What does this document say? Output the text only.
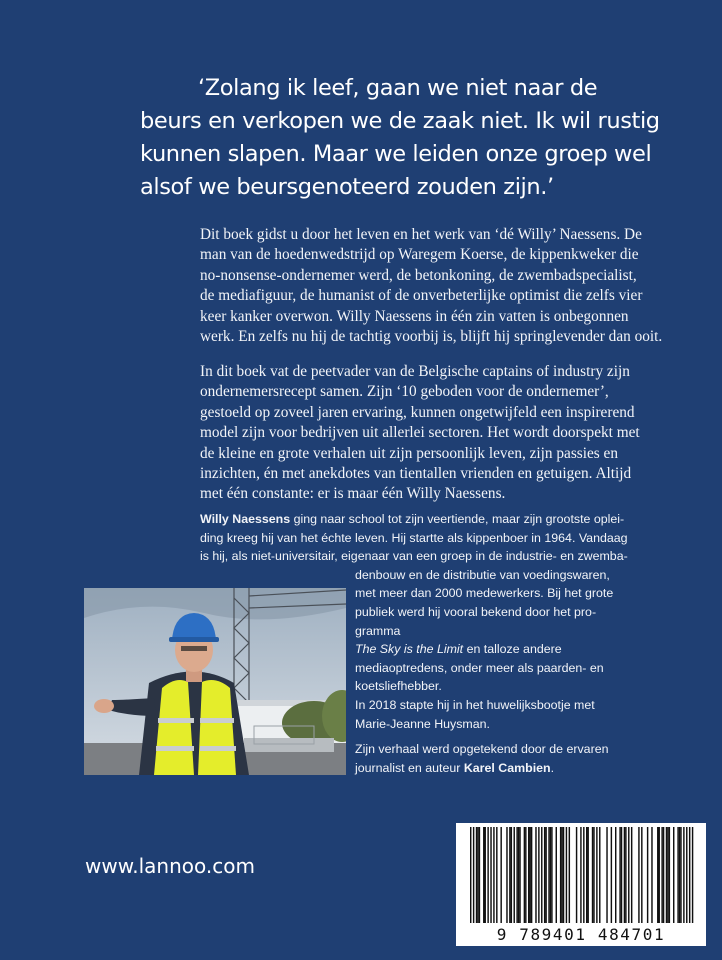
‘Zolang ik leef, gaan we niet naar de

beurs en verkopen we de zaak niet. Ik wil rustig

kunnen slapen. Maar we leiden onze groep wel

alsof we beursgenoteerd zouden zijn.’

Dit boek gidst u door het leven en het werk van ‘dé Willy’ Naessens. De

man van de hoedenwedstrijd op Waregem Koerse, de kippenkweker die

no-nonsense-ondernemer werd, de betonkoning, de zwembadspecialist,

de mediafiguur, de humanist of de onverbeterlijke optimist die zelfs vier

keer kanker overwon. Willy Naessens in één zin vatten is onbegonnen

werk. En zelfs nu hij de tachtig voorbij is, blijft hij springlevender dan ooit.

In dit boek vat de peetvader van de Belgische captains of industry zijn

ondernemersrecept samen. Zijn ‘10 geboden voor de ondernemer’,

gestoeld op zoveel jaren ervaring, kunnen ongetwijfeld een inspirerend

model zijn voor bedrijven uit allerlei sectoren. Het wordt doorspekt met

de kleine en grote verhalen uit zijn persoonlijk leven, zijn passies en

inzichten, én met anekdotes van tientallen vrienden en getuigen. Altijd

met één constante: er is maar één Willy Naessens.

Willy Naessens ging naar school tot zijn veertiende, maar zijn grootste oplei-

ding kreeg hij van het échte leven. Hij startte als kippenboer in 1964. Vandaag

is hij, als niet-universitair, eigenaar van een groep in de industrie- en zwemba-

denbouw en de distributie van voedingswaren,

met meer dan 2000 medewerkers. Bij het grote

publiek werd hij vooral bekend door het pro-

gramma

The Sky is the Limit en talloze andere

mediaoptredens, onder meer als paarden- en

koetsliefhebber.

In 2018 stapte hij in het huwelijksbootje met

Marie-Jeanne Huysman.

Zijn verhaal werd opgetekend door de ervaren

journalist en auteur Karel Cambien.

www.lannoo.com
9 789401 484701
